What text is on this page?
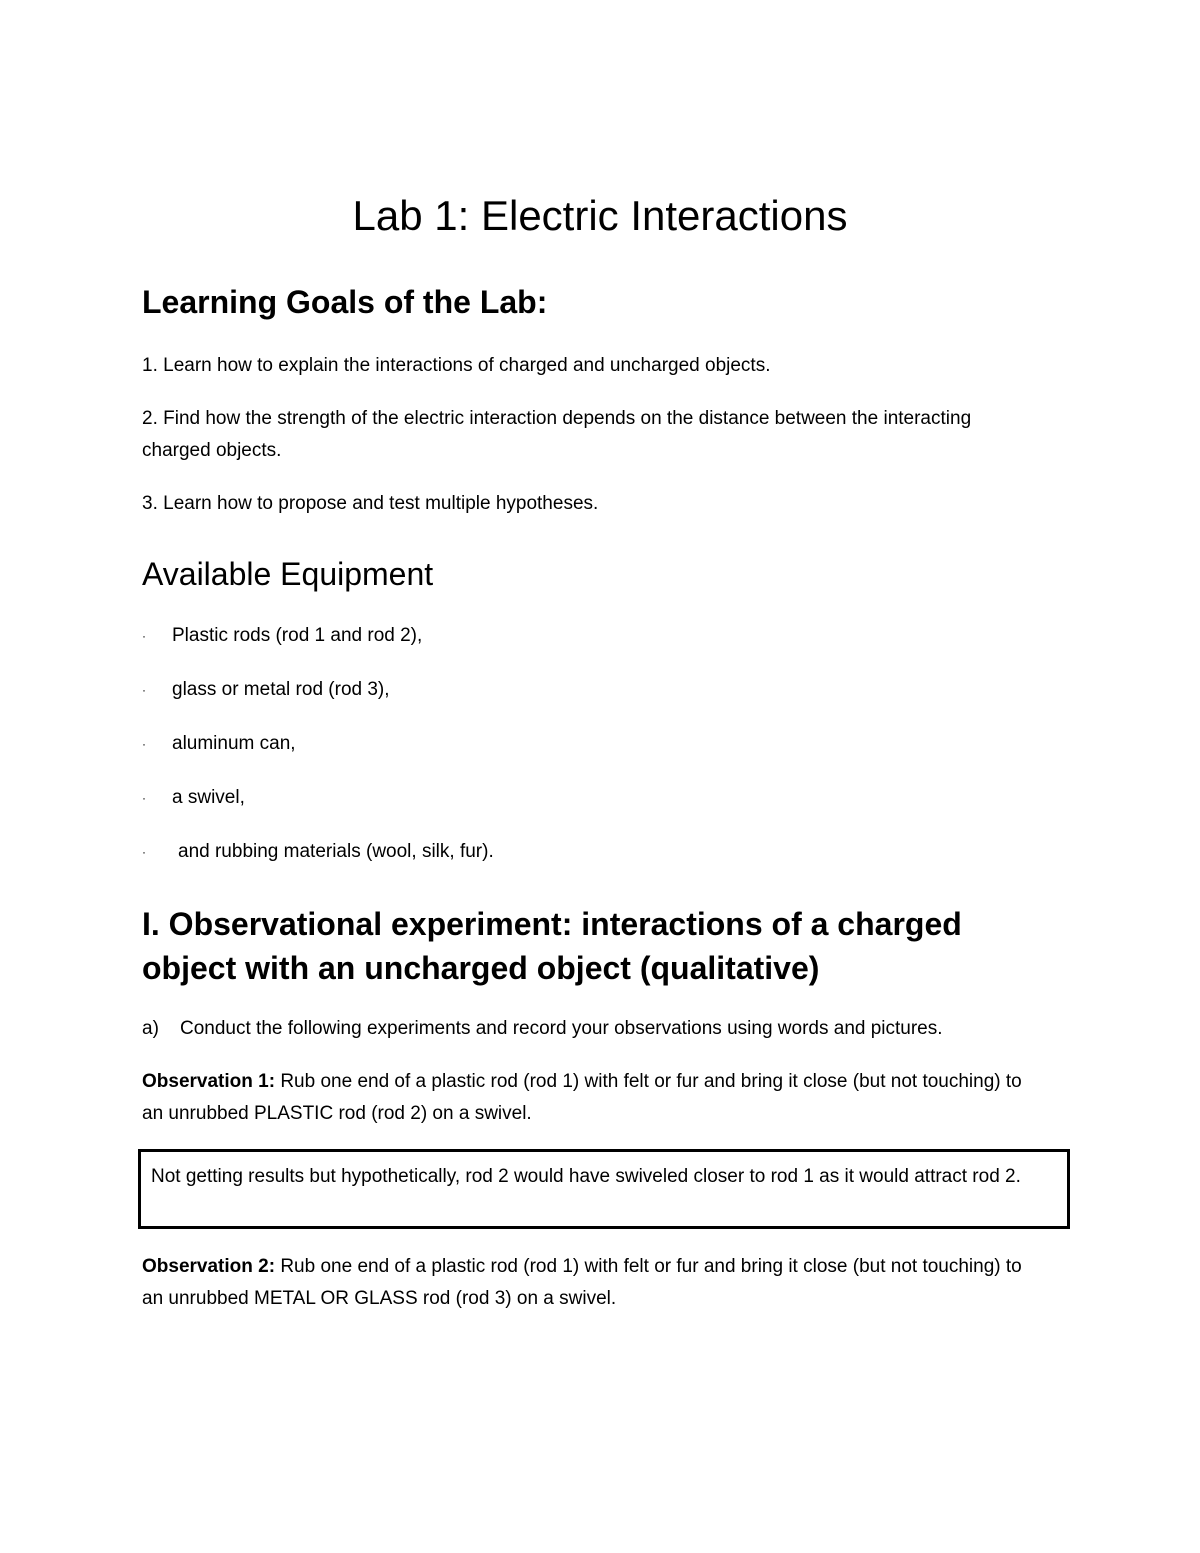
Lab 1: Electric Interactions
Learning Goals of the Lab:

1. Learn how to explain the interactions of charged and uncharged objects.

2. Find how the strength of the electric interaction depends on the distance between the interacting charged objects.

3. Learn how to propose and test multiple hypotheses.

Available Equipment
· Plastic rods (rod 1 and rod 2),
· glass or metal rod (rod 3),
· aluminum can,
· a swivel,
· and rubbing materials (wool, silk, fur).
I. Observational experiment: interactions of a charged object with an uncharged object (qualitative)

a)    Conduct the following experiments and record your observations using words and pictures.

Observation 1: Rub one end of a plastic rod (rod 1) with felt or fur and bring it close (but not touching) to an unrubbed PLASTIC rod (rod 2) on a swivel.

Not getting results but hypothetically, rod 2 would have swiveled closer to rod 1 as it would attract rod 2.

Observation 2: Rub one end of a plastic rod (rod 1) with felt or fur and bring it close (but not touching) to an unrubbed METAL OR GLASS rod (rod 3) on a swivel.
